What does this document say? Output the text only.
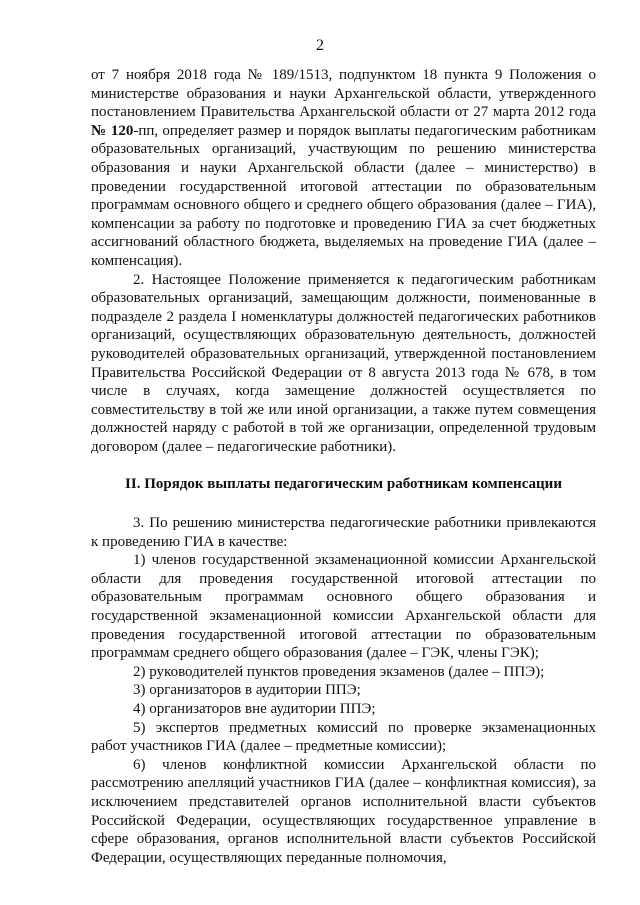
2

от 7 ноября 2018 года № 189/1513, подпунктом 18 пункта 9 Положения о министерстве образования и науки Архангельской области, утвержденного постановлением Правительства Архангельской области от 27 марта 2012 года № 120-пп, определяет размер и порядок выплаты педагогическим работникам образовательных организаций, участвующим по решению министерства образования и науки Архангельской области (далее – министерство) в проведении государственной итоговой аттестации по образовательным программам основного общего и среднего общего образования (далее – ГИА), компенсации за работу по подготовке и проведению ГИА за счет бюджетных ассигнований областного бюджета, выделяемых на проведение ГИА (далее – компенсация).

2. Настоящее Положение применяется к педагогическим работникам образовательных организаций, замещающим должности, поименованные в подразделе 2 раздела I номенклатуры должностей педагогических работников организаций, осуществляющих образовательную деятельность, должностей руководителей образовательных организаций, утвержденной постановлением Правительства Российской Федерации от 8 августа 2013 года № 678, в том числе в случаях, когда замещение должностей осуществляется по совместительству в той же или иной организации, а также путем совмещения должностей наряду с работой в той же организации, определенной трудовым договором (далее – педагогические работники).

II. Порядок выплаты педагогическим работникам компенсации

3. По решению министерства педагогические работники привлекаются к проведению ГИА в качестве:

1) членов государственной экзаменационной комиссии Архангельской области для проведения государственной итоговой аттестации по образовательным программам основного общего образования и государственной экзаменационной комиссии Архангельской области для проведения государственной итоговой аттестации по образовательным программам среднего общего образования (далее – ГЭК, члены ГЭК);

2) руководителей пунктов проведения экзаменов (далее – ППЭ);

3) организаторов в аудитории ППЭ;

4) организаторов вне аудитории ППЭ;

5) экспертов предметных комиссий по проверке экзаменационных работ участников ГИА (далее – предметные комиссии);

6) членов конфликтной комиссии Архангельской области по рассмотрению апелляций участников ГИА (далее – конфликтная комиссия), за исключением представителей органов исполнительной власти субъектов Российской Федерации, осуществляющих государственное управление в сфере образования, органов исполнительной власти субъектов Российской Федерации, осуществляющих переданные полномочия,
